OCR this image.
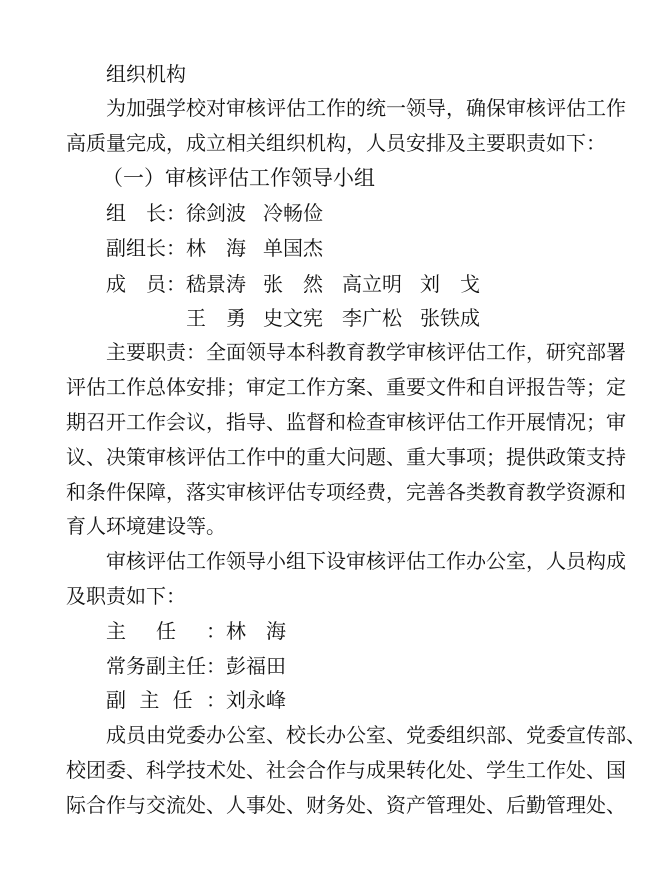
组织机构
为加强学校对审核评估工作的统一领导，确保审核评估工作
高质量完成，成立相关组织机构，人员安排及主要职责如下：
（一）审核评估工作领导小组
组　长： 徐剑波 冷畅俭
副组长： 林　海 单国杰
成　员： 嵇景涛 张　然 高立明 刘　戈
王　勇 史文宪 李广松 张铁成
主要职责：全面领导本科教育教学审核评估工作，研究部署
评估工作总体安排；审定工作方案、重要文件和自评报告等；定
期召开工作会议，指导、监督和检查审核评估工作开展情况；审
议、决策审核评估工作中的重大问题、重大事项；提供政策支持
和条件保障，落实审核评估专项经费，完善各类教育教学资源和
育人环境建设等。
审核评估工作领导小组下设审核评估工作办公室，人员构成
及职责如下：
主任： 林　海
常务副主任： 彭福田
副主任： 刘永峰
成员由党委办公室、校长办公室、党委组织部、党委宣传部、
校团委、科学技术处、社会合作与成果转化处、学生工作处、国
际合作与交流处、人事处、财务处、资产管理处、后勤管理处、
